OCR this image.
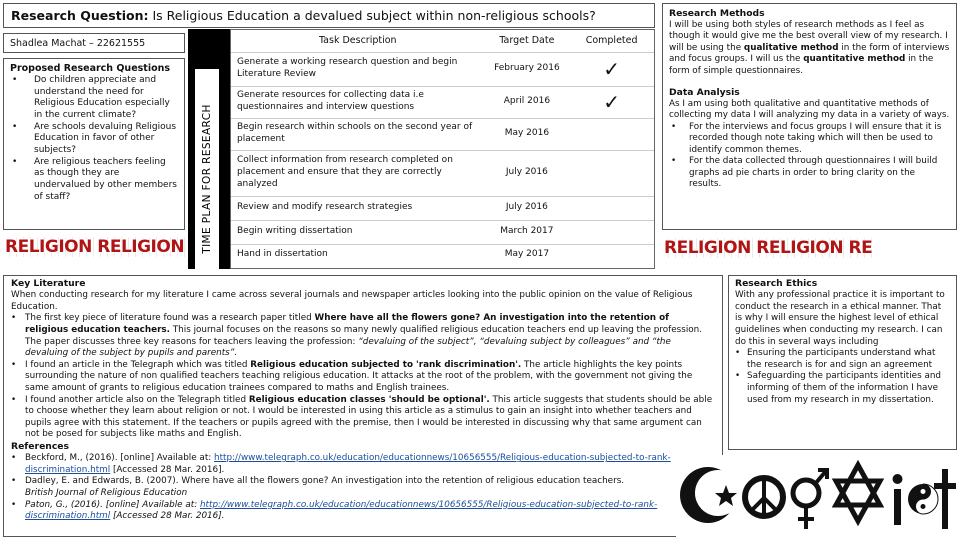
Research Question: Is Religious Education a devalued subject within non-religious schools?
Shadlea Machat – 22621555
Proposed Research Questions
• Do children appreciate and understand the need for Religious Education especially in the current climate?
• Are schools devaluing Religious Education in favor of other subjects?
• Are religious teachers feeling as though they are undervalued by other members of staff?
RELIGION RELIGION	RELIGION RELIGION RE
TIME PLAN FOR RESEARCH
Task Description	Target Date	Completed
Generate a working research question and begin Literature Review	February 2016	✓
Generate resources for collecting data i.e questionnaires and interview questions	April 2016	✓
Begin research within schools on the second year of placement	May 2016	
Collect information from research completed on placement and ensure that they are correctly analyzed	July 2016	
Review and modify research strategies	July 2016	
Begin writing dissertation	March 2017	
Hand in dissertation	May 2017	
Research Methods

I will be using both styles of research methods as I feel as though it would give me the best overall view of my research. I will be using the qualitative method in the form of interviews and focus groups. I will us the quantitative method in the form of simple questionnaires.

Data Analysis

As I am using both qualitative and quantitative methods of collecting my data I will analyzing my data in a variety of ways.

• For the interviews and focus groups I will ensure that it is recorded though note taking which will then be used to identify common themes.
• For the data collected through questionnaires I will build graphs ad pie charts in order to bring clarity on the results.
Key Literature

When conducting research for my literature I came across several journals and newspaper articles looking into the public opinion on the value of Religious Education.

• The first key piece of literature found was a research paper titled Where have all the flowers gone? An investigation into the retention of religious education teachers. This journal focuses on the reasons so many newly qualified religious education teachers end up leaving the profession. The paper discusses three key reasons for teachers leaving the profession: “devaluing of the subject”, “devaluing subject by colleagues” and “the devaluing of the subject by pupils and parents”.
• I found an article in the Telegraph which was titled Religious education subjected to 'rank discrimination'. The article highlights the key points surrounding the nature of non qualified teachers teaching religious education. It attacks at the root of the problem, with the government not giving the same amount of grants to religious education trainees compared to maths and English trainees.
• I found another article also on the Telegraph titled Religious education classes 'should be optional'. This article suggests that students should be able to choose whether they learn about religion or not. I would be interested in using this article as a stimulus to gain an insight into whether teachers and pupils agree with this statement. If the teachers or pupils agreed with the premise, then I would be interested in discussing why that same argument can not be posed for subjects like maths and English.
References
• Beckford, M., (2016). [online] Available at: http://www.telegraph.co.uk/education/educationnews/10656555/Religious-education-subjected-to-rank-discrimination.html [Accessed 28 Mar. 2016].
• Dadley, E. and Edwards, B. (2007). Where have all the flowers gone? An investigation into the retention of religious education teachers.
British Journal of Religious Education
• Paton, G., (2016). [online] Available at: http://www.telegraph.co.uk/education/educationnews/10656555/Religious-education-subjected-to-rank-discrimination.html [Accessed 28 Mar. 2016].
Research Ethics

With any professional practice it is important to conduct the research in a ethical manner. That is why I will ensure the highest level of ethical guidelines when conducting my research. I can do this in several ways including

• Ensuring the participants understand what the research is for and sign an agreement
• Safeguarding the participants identities and informing of them of the information I have used from my research in my dissertation.
